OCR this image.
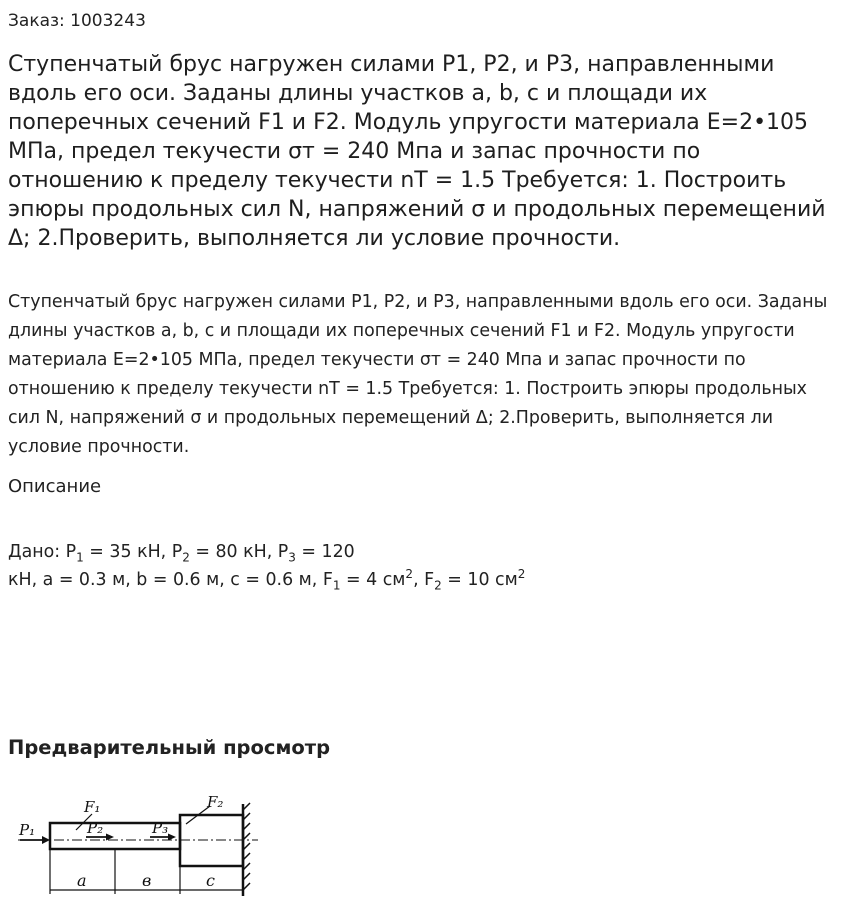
Заказ: 1003243
Ступенчатый брус нагружен силами P1, P2, и P3, направленными вдоль его оси. Заданы длины участков a, b, c и площади их поперечных сечений F1 и F2. Модуль упругости материала E=2•105 МПа, предел текучести σт = 240 Мпа и запас прочности по отношению к пределу текучести nT = 1.5 Требуется: 1. Построить эпюры продольных сил N, напряжений σ и продольных перемещений Δ; 2.Проверить, выполняется ли условие прочности.

Ступенчатый брус нагружен силами P1, P2, и P3, направленными вдоль его оси. Заданы длины участков a, b, c и площади их поперечных сечений F1 и F2. Модуль упругости материала E=2•105 МПа, предел текучести σт = 240 Мпа и запас прочности по отношению к пределу текучести nT = 1.5 Требуется: 1. Построить эпюры продольных сил N, напряжений σ и продольных перемещений Δ; 2.Проверить, выполняется ли условие прочности.

Описание
Дано: $P_1 = 35$ кН, $P_2 = 80$ кН, $P_3 = 120$
кН, a = 0.3 м, b = 0.6 м, c = 0.6 м, $F_1 = 4$ $см^2$, $F_2 = 10$ $см^2$
Предварительный просмотр
P₁	P₂	P₃
F₁	F₂
a	в	c
